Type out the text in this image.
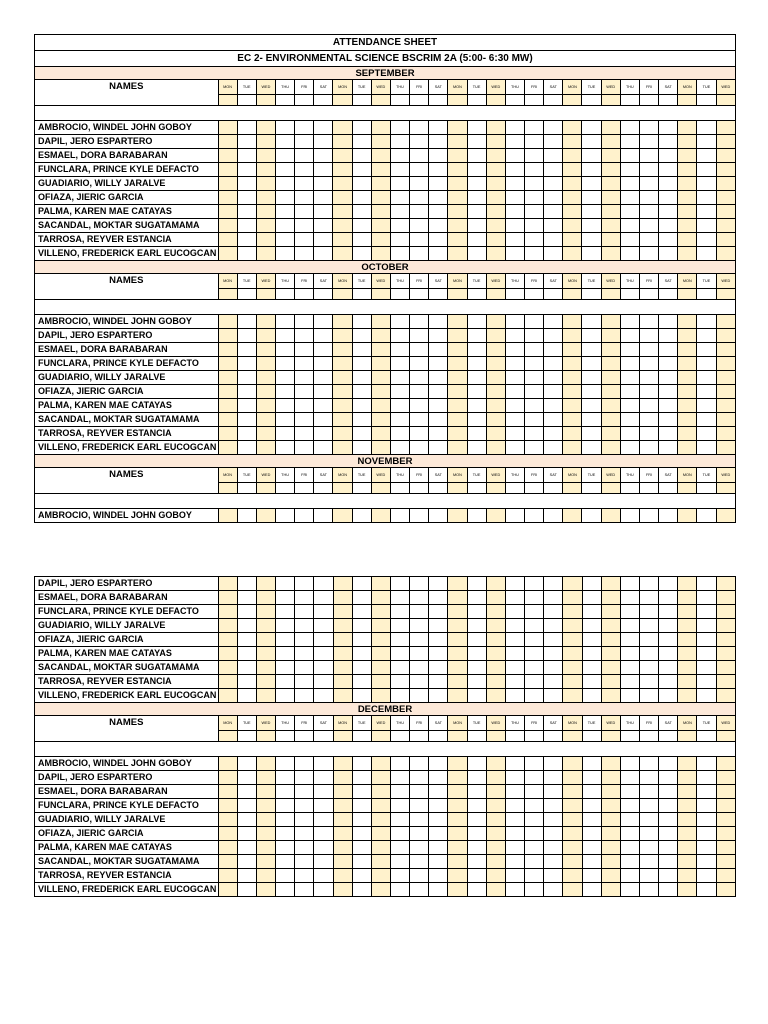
ATTENDANCE SHEET																											
EC 2- ENVIRONMENTAL SCIENCE BSCRIM 2A (5:00- 6:30 MW)																											
SEPTEMBER																											
NAMES	MON	TUE	WED	THU	FRI	SAT	MON	TUE	WED	THU	FRI	SAT	MON	TUE	WED	THU	FRI	SAT	MON	TUE	WED	THU	FRI	SAT	MON	TUE	WED

AMBROCIO, WINDEL JOHN GOBOY																											
DAPIL, JERO ESPARTERO																											
ESMAEL, DORA BARABARAN																											
FUNCLARA, PRINCE KYLE DEFACTO																											
GUADIARIO, WILLY JARALVE																											
OFIAZA, JIERIC GARCIA																											
PALMA, KAREN MAE CATAYAS																											
SACANDAL, MOKTAR SUGATAMAMA																											
TARROSA, REYVER ESTANCIA																											
VILLENO, FREDERICK EARL EUCOGCAN																											
OCTOBER																											
NAMES	MON	TUE	WED	THU	FRI	SAT	MON	TUE	WED	THU	FRI	SAT	MON	TUE	WED	THU	FRI	SAT	MON	TUE	WED	THU	FRI	SAT	MON	TUE	WED

AMBROCIO, WINDEL JOHN GOBOY																											
DAPIL, JERO ESPARTERO																											
ESMAEL, DORA BARABARAN																											
FUNCLARA, PRINCE KYLE DEFACTO																											
GUADIARIO, WILLY JARALVE																											
OFIAZA, JIERIC GARCIA																											
PALMA, KAREN MAE CATAYAS																											
SACANDAL, MOKTAR SUGATAMAMA																											
TARROSA, REYVER ESTANCIA																											
VILLENO, FREDERICK EARL EUCOGCAN																											
NOVEMBER																											
NAMES	MON	TUE	WED	THU	FRI	SAT	MON	TUE	WED	THU	FRI	SAT	MON	TUE	WED	THU	FRI	SAT	MON	TUE	WED	THU	FRI	SAT	MON	TUE	WED

AMBROCIO, WINDEL JOHN GOBOY																											
DAPIL, JERO ESPARTERO																											
ESMAEL, DORA BARABARAN																											
FUNCLARA, PRINCE KYLE DEFACTO																											
GUADIARIO, WILLY JARALVE																											
OFIAZA, JIERIC GARCIA																											
PALMA, KAREN MAE CATAYAS																											
SACANDAL, MOKTAR SUGATAMAMA																											
TARROSA, REYVER ESTANCIA																											
VILLENO, FREDERICK EARL EUCOGCAN																											
DECEMBER																											
NAMES	MON	TUE	WED	THU	FRI	SAT	MON	TUE	WED	THU	FRI	SAT	MON	TUE	WED	THU	FRI	SAT	MON	TUE	WED	THU	FRI	SAT	MON	TUE	WED

AMBROCIO, WINDEL JOHN GOBOY																											
DAPIL, JERO ESPARTERO																											
ESMAEL, DORA BARABARAN																											
FUNCLARA, PRINCE KYLE DEFACTO																											
GUADIARIO, WILLY JARALVE																											
OFIAZA, JIERIC GARCIA																											
PALMA, KAREN MAE CATAYAS																											
SACANDAL, MOKTAR SUGATAMAMA																											
TARROSA, REYVER ESTANCIA																											
VILLENO, FREDERICK EARL EUCOGCAN																											
